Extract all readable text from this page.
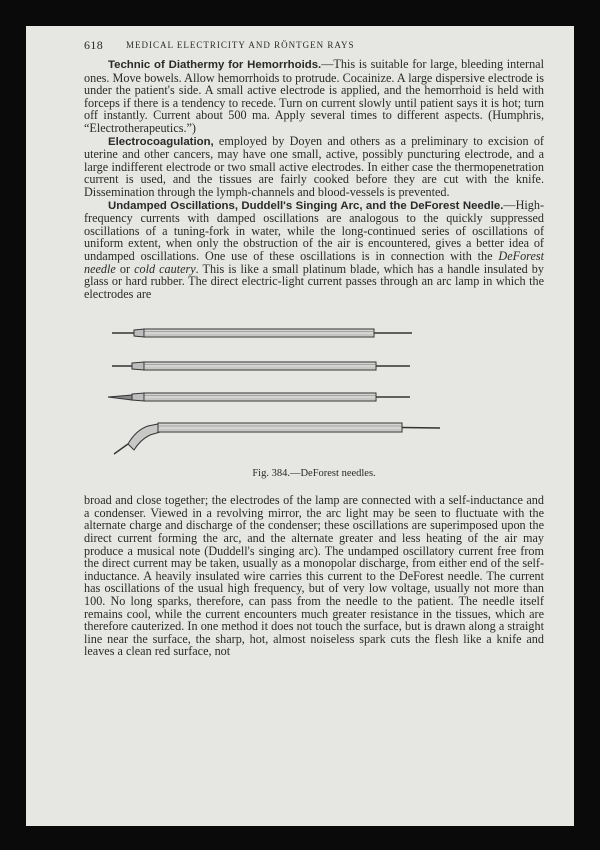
618	MEDICAL ELECTRICITY AND RÖNTGEN RAYS

Technic of Diathermy for Hemorrhoids.—This is suitable for large, bleeding internal ones. Move bowels. Allow hemorrhoids to protrude. Cocainize. A large dispersive electrode is under the patient's side. A small active electrode is applied, and the hemorrhoid is held with forceps if there is a tendency to recede. Turn on current slowly until patient says it is hot; turn off instantly. Current about 500 ma. Apply several times to different aspects. (Humphris, “Electrotherapeutics.”)

Electrocoagulation, employed by Doyen and others as a preliminary to excision of uterine and other cancers, may have one small, active, possibly puncturing electrode, and a large indifferent electrode or two small active electrodes. In either case the thermopenetration current is used, and the tissues are fairly cooked before they are cut with the knife. Dissemination through the lymph-channels and blood-vessels is prevented.

Undamped Oscillations, Duddell's Singing Arc, and the DeForest Needle.—High-frequency currents with damped oscillations are analogous to the quickly suppressed oscillations of a tuning-fork in water, while the long-continued series of oscillations of uniform extent, when only the obstruction of the air is encountered, gives a better idea of undamped oscillations. One use of these oscillations is in connection with the DeForest needle or cold cautery. This is like a small platinum blade, which has a handle insulated by glass or hard rubber. The direct electric-light current passes through an arc lamp in which the electrodes are

Fig. 384.—DeForest needles.

broad and close together; the electrodes of the lamp are connected with a self-inductance and a condenser. Viewed in a revolving mirror, the arc light may be seen to fluctuate with the alternate charge and discharge of the condenser; these oscillations are superimposed upon the direct current forming the arc, and the alternate greater and less heating of the air may produce a musical note (Duddell's singing arc). The undamped oscillatory current free from the direct current may be taken, usually as a monopolar discharge, from either end of the self-inductance. A heavily insulated wire carries this current to the DeForest needle. The current has oscillations of the usual high frequency, but of very low voltage, usually not more than 100. No long sparks, therefore, can pass from the needle to the patient. The needle itself remains cool, while the current encounters much greater resistance in the tissues, which are therefore cauterized. In one method it does not touch the surface, but is drawn along a straight line near the surface, the sharp, hot, almost noiseless spark cuts the flesh like a knife and leaves a clean red surface, not
